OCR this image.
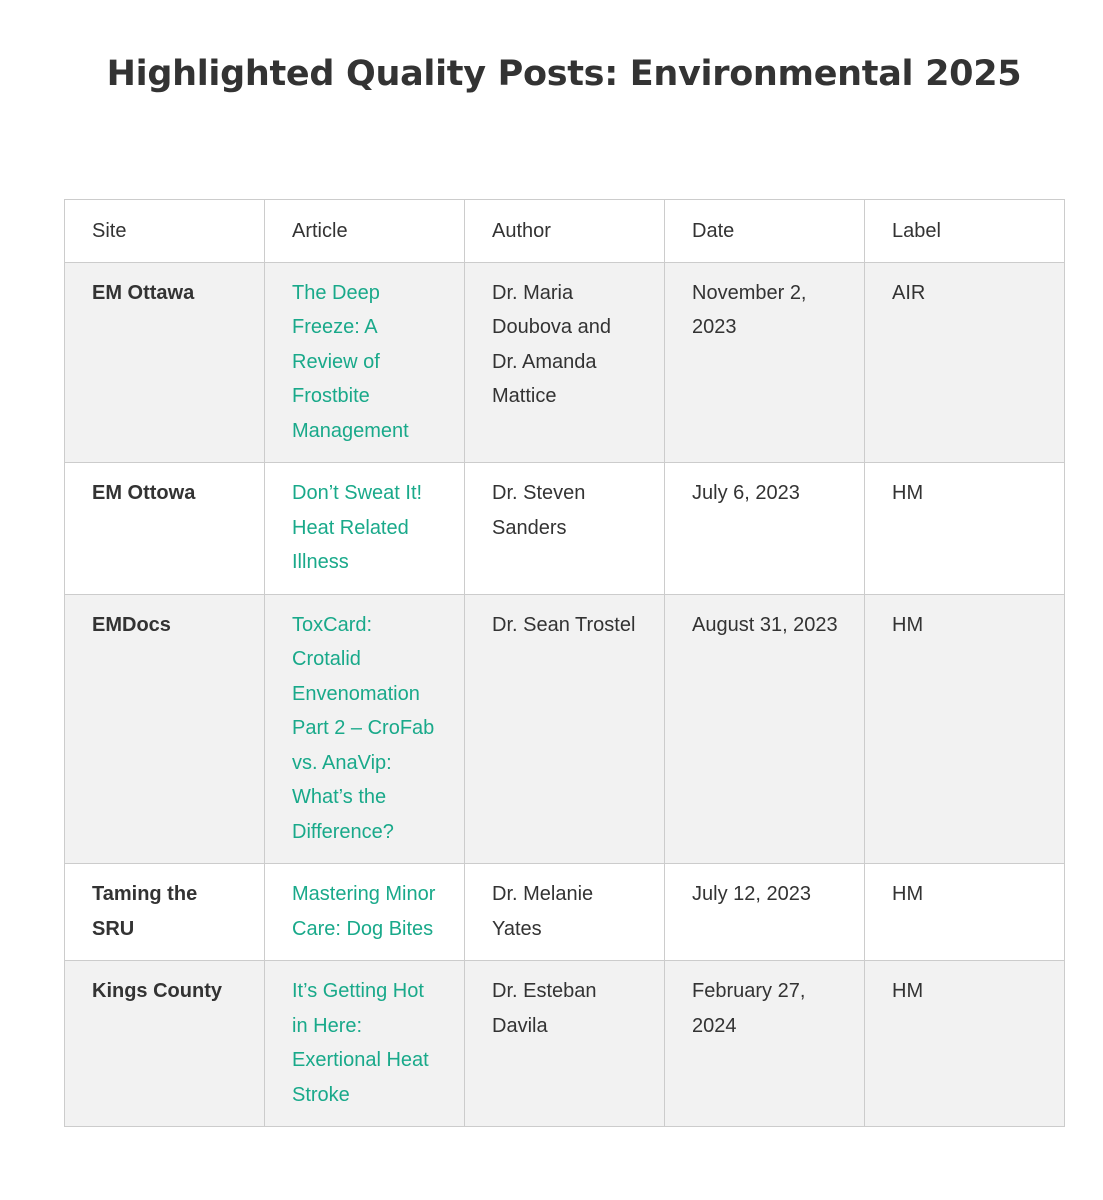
Highlighted Quality Posts: Environmental 2025
Site	Article	Author	Date	Label
EM Ottawa	The Deep Freeze: A Review of Frostbite Management	Dr. Maria Doubova and Dr. Amanda Mattice	November 2, 2023	AIR
EM Ottowa	Don’t Sweat It! Heat Related Illness	Dr. Steven Sanders	July 6, 2023	HM
EMDocs	ToxCard: Crotalid Envenomation Part 2 – CroFab vs. AnaVip: What’s the Difference?	Dr. Sean Trostel	August 31, 2023	HM
Taming the SRU	Mastering Minor Care: Dog Bites	Dr. Melanie Yates	July 12, 2023	HM
Kings County	It’s Getting Hot in Here: Exertional Heat Stroke	Dr. Esteban Davila	February 27, 2024	HM
